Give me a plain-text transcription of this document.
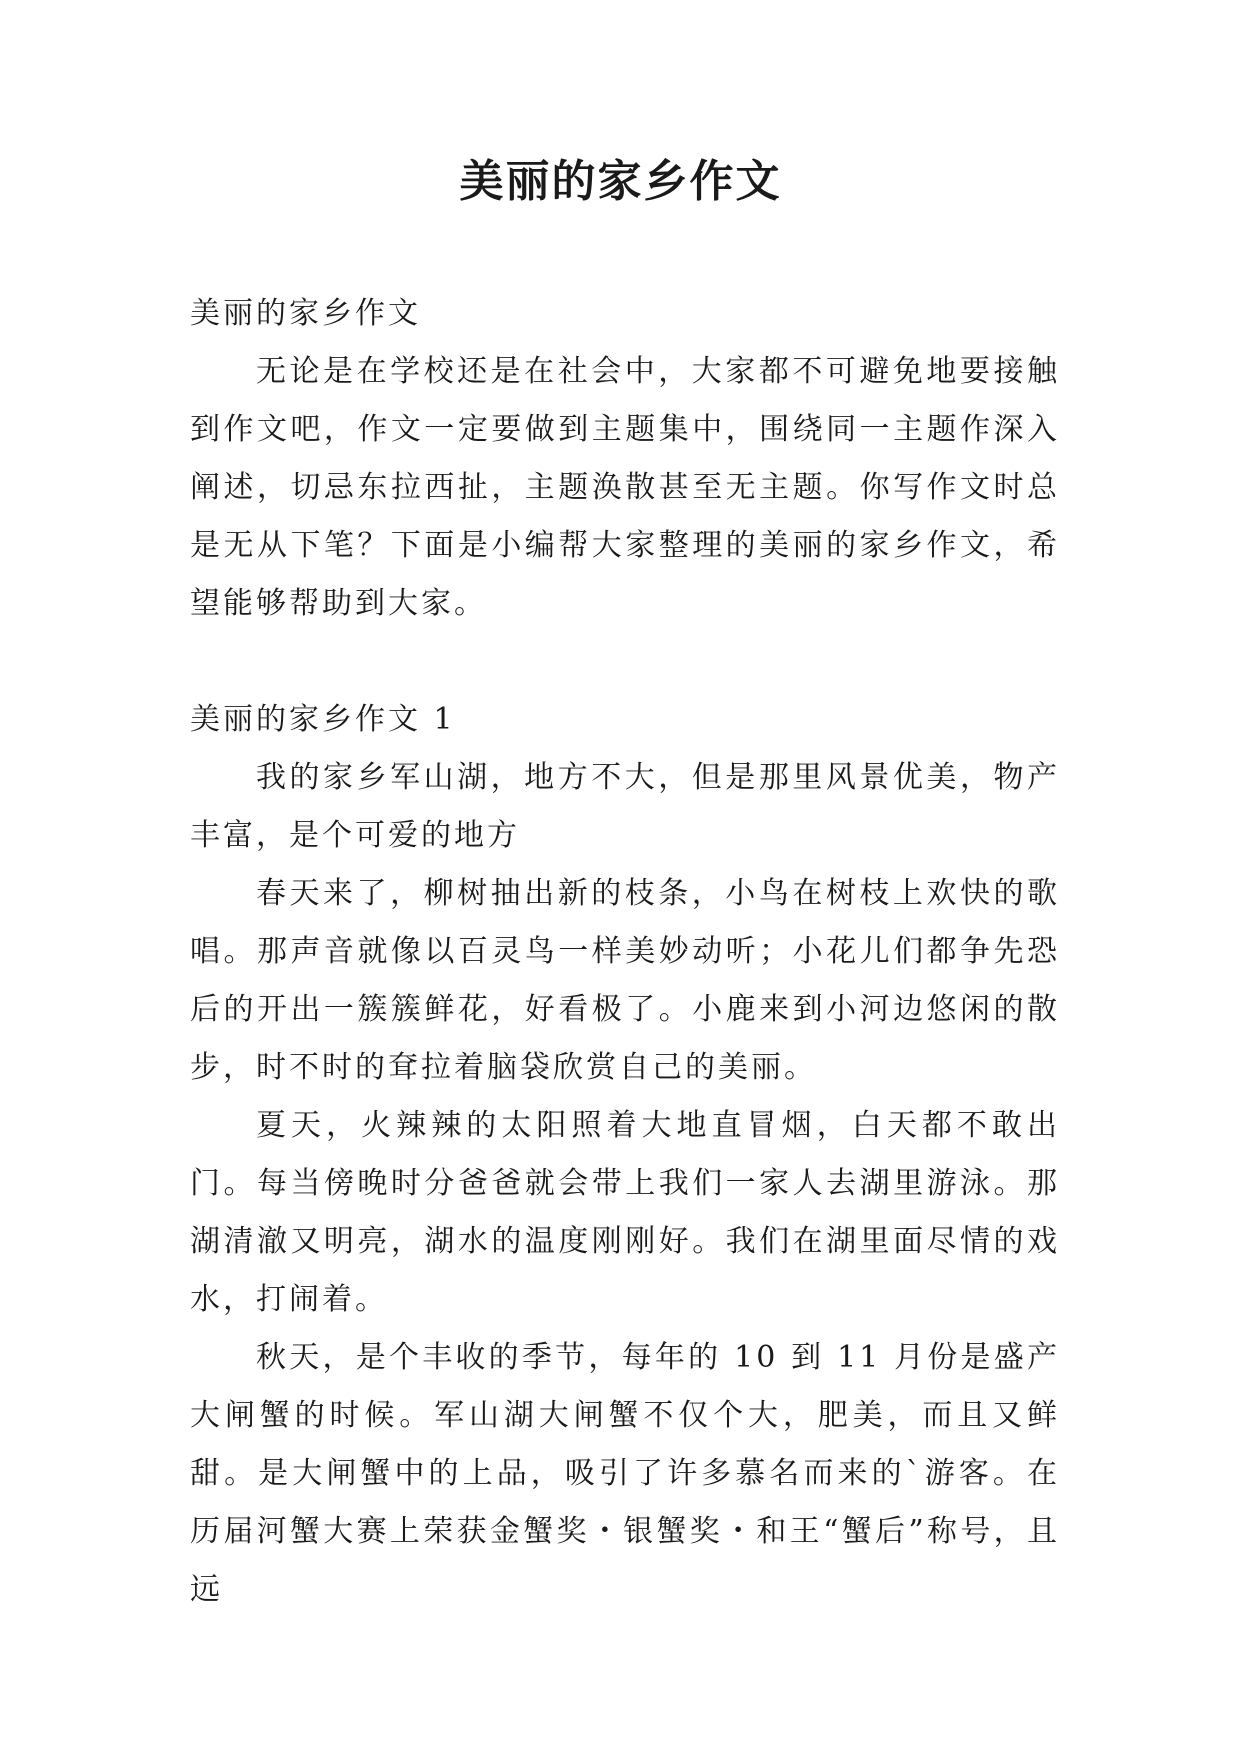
美丽的家乡作文

美丽的家乡作文

无论是在学校还是在社会中，大家都不可避免地要接触到作文吧，作文一定要做到主题集中，围绕同一主题作深入阐述，切忌东拉西扯，主题涣散甚至无主题。你写作文时总是无从下笔？下面是小编帮大家整理的美丽的家乡作文，希望能够帮助到大家。

美丽的家乡作文 1

我的家乡军山湖，地方不大，但是那里风景优美，物产丰富，是个可爱的地方

春天来了，柳树抽出新的枝条，小鸟在树枝上欢快的歌唱。那声音就像以百灵鸟一样美妙动听；小花儿们都争先恐后的开出一簇簇鲜花，好看极了。小鹿来到小河边悠闲的散步，时不时的耷拉着脑袋欣赏自己的美丽。

夏天，火辣辣的太阳照着大地直冒烟，白天都不敢出门。每当傍晚时分爸爸就会带上我们一家人去湖里游泳。那湖清澈又明亮，湖水的温度刚刚好。我们在湖里面尽情的戏水，打闹着。

秋天，是个丰收的季节，每年的 10 到 11 月份是盛产大闸蟹的时候。军山湖大闸蟹不仅个大，肥美，而且又鲜甜。是大闸蟹中的上品，吸引了许多慕名而来的`游客。在历届河蟹大赛上荣获金蟹奖・银蟹奖・和王“蟹后”称号，且远
